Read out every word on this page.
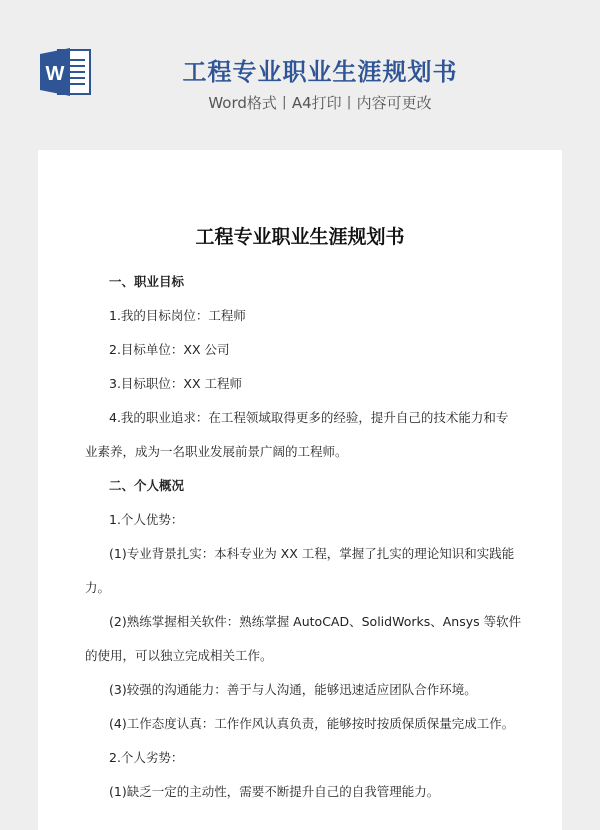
W	工程专业职业生涯规划书
Word格式丨A4打印丨内容可更改
工程专业职业生涯规划书
一、职业目标
1.我的目标岗位：工程师
2.目标单位：XX 公司
3.目标职位：XX 工程师
4.我的职业追求：在工程领域取得更多的经验，提升自己的技术能力和专
业素养，成为一名职业发展前景广阔的工程师。
二、个人概况
1.个人优势：
(1)专业背景扎实：本科专业为 XX 工程，掌握了扎实的理论知识和实践能
力。
(2)熟练掌握相关软件：熟练掌握 AutoCAD、SolidWorks、Ansys 等软件
的使用，可以独立完成相关工作。
(3)较强的沟通能力：善于与人沟通，能够迅速适应团队合作环境。
(4)工作态度认真：工作作风认真负责，能够按时按质保质保量完成工作。
2.个人劣势：
(1)缺乏一定的主动性，需要不断提升自己的自我管理能力。
